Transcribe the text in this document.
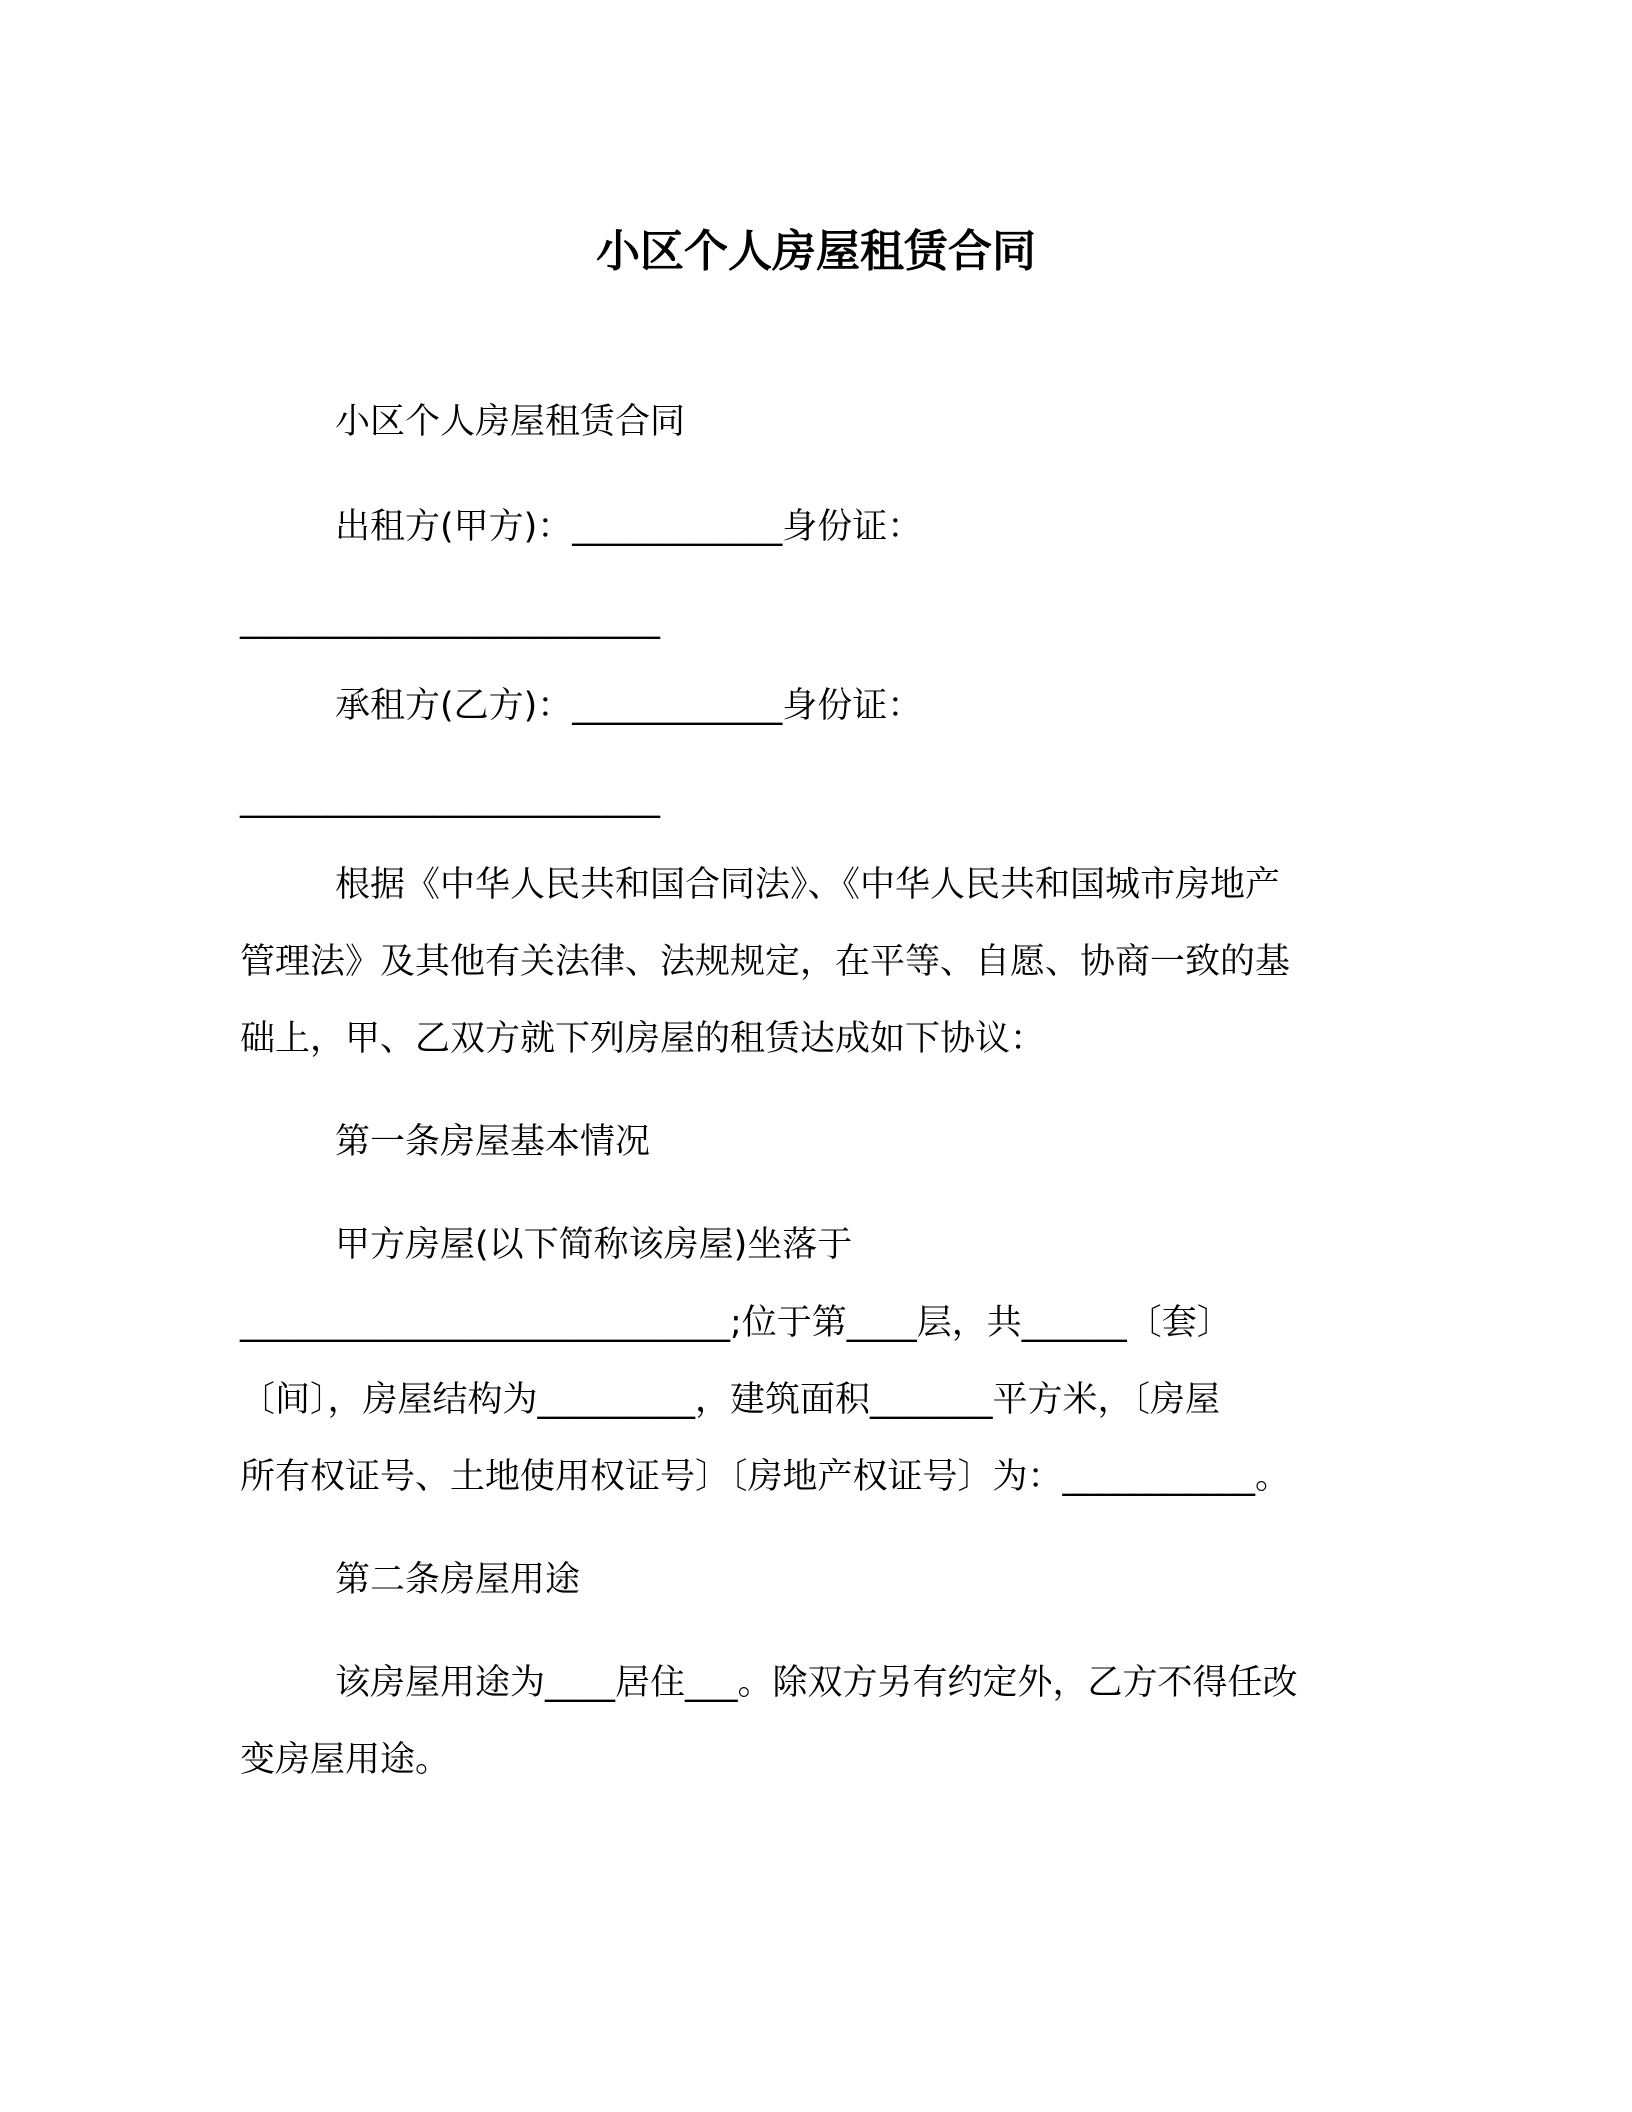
小区个人房屋租赁合同
小区个人房屋租赁合同
出租方(甲方)：____________身份证：
________________________
承租方(乙方)：____________身份证：
________________________
根据《中华人民共和国合同法》、《中华人民共和国城市房地产
管理法》及其他有关法律、法规规定，在平等、自愿、协商一致的基
础上，甲、乙双方就下列房屋的租赁达成如下协议：
第一条房屋基本情况
甲方房屋(以下简称该房屋)坐落于
____________________________;位于第____层，共______〔套〕
〔间〕，房屋结构为_________，建筑面积_______平方米，〔房屋
所有权证号、土地使用权证号〕〔房地产权证号〕为：___________。
第二条房屋用途
该房屋用途为____居住___。除双方另有约定外，乙方不得任改
变房屋用途。
